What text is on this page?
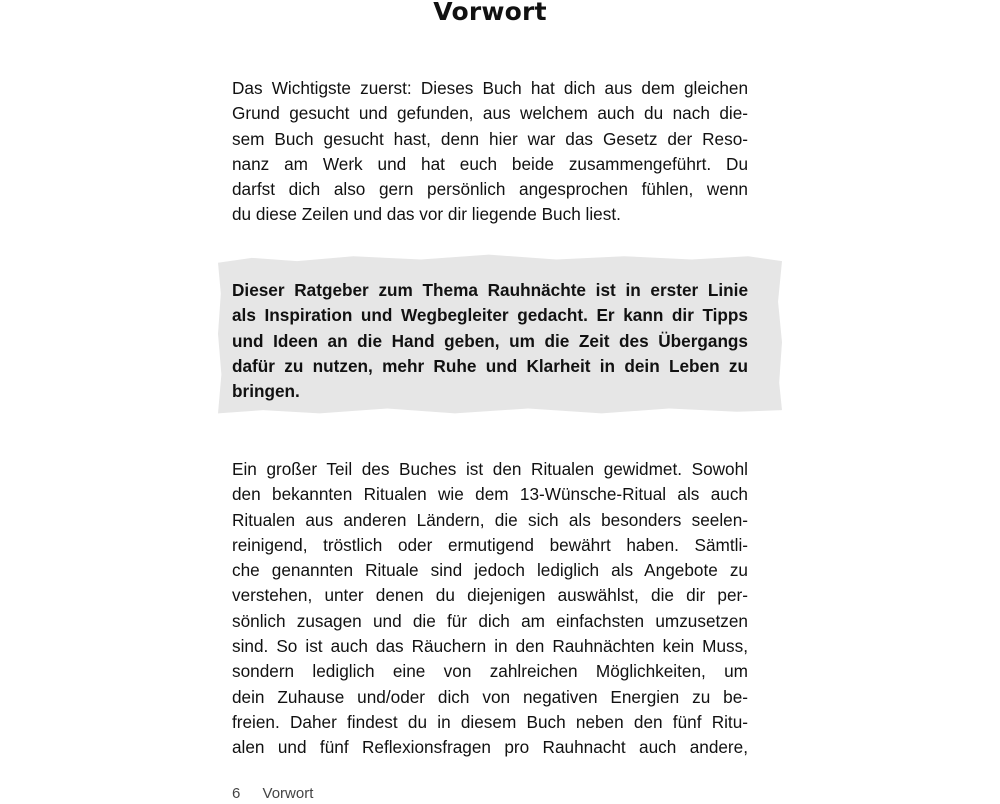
Vorwort
Das Wichtigste zuerst: Dieses Buch hat dich aus dem gleichen
Grund gesucht und gefunden, aus welchem auch du nach die-
sem Buch gesucht hast, denn hier war das Gesetz der Reso-
nanz am Werk und hat euch beide zusammengeführt. Du
darfst dich also gern persönlich angesprochen fühlen, wenn
du diese Zeilen und das vor dir liegende Buch liest.
Dieser Ratgeber zum Thema Rauhnächte ist in erster Linie
als Inspiration und Wegbegleiter gedacht. Er kann dir Tipps
und Ideen an die Hand geben, um die Zeit des Übergangs
dafür zu nutzen, mehr Ruhe und Klarheit in dein Leben zu
bringen.
Ein großer Teil des Buches ist den Ritualen gewidmet. Sowohl
den bekannten Ritualen wie dem 13-Wünsche-Ritual als auch
Ritualen aus anderen Ländern, die sich als besonders seelen-
reinigend, tröstlich oder ermutigend bewährt haben. Sämtli-
che genannten Rituale sind jedoch lediglich als Angebote zu
verstehen, unter denen du diejenigen auswählst, die dir per-
sönlich zusagen und die für dich am einfachsten umzusetzen
sind. So ist auch das Räuchern in den Rauhnächten kein Muss,
sondern lediglich eine von zahlreichen Möglichkeiten, um
dein Zuhause und/oder dich von negativen Energien zu be-
freien. Daher findest du in diesem Buch neben den fünf Ritu-
alen und fünf Reflexionsfragen pro Rauhnacht auch andere,
6 Vorwort
